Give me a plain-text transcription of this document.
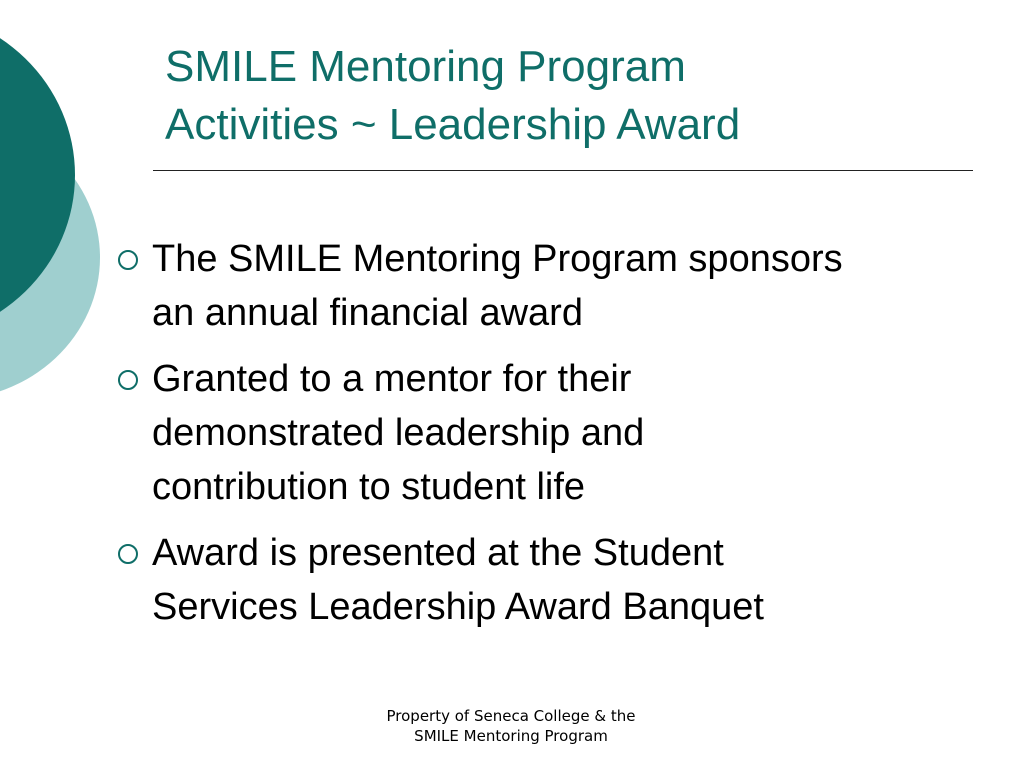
SMILE Mentoring Program
Activities ~ Leadership Award
The SMILE Mentoring Program sponsors
an annual financial award
Granted to a mentor for their
demonstrated leadership and
contribution to student life
Award is presented at the Student
Services Leadership Award Banquet
Property of Seneca College & the
SMILE Mentoring Program
